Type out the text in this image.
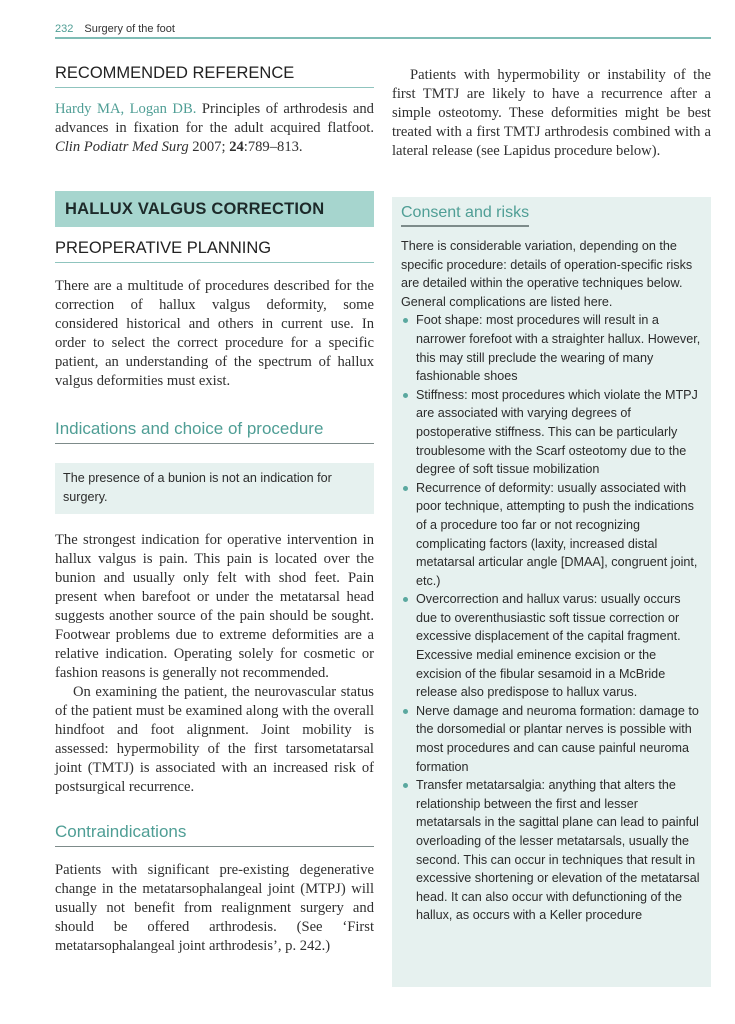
232 Surgery of the foot
RECOMMENDED REFERENCE

Hardy MA, Logan DB. Principles of arthrodesis and advances in fixation for the adult acquired flatfoot. Clin Podiatr Med Surg 2007; 24:789–813.

HALLUX VALGUS CORRECTION
PREOPERATIVE PLANNING

There are a multitude of procedures described for the correction of hallux valgus deformity, some considered historical and others in current use. In order to select the correct procedure for a specific patient, an understanding of the spectrum of hallux valgus deformities must exist.

Indications and choice of procedure
The presence of a bunion is not an indication for surgery.

The strongest indication for operative intervention in hallux valgus is pain. This pain is located over the bunion and usually only felt with shod feet. Pain present when barefoot or under the metatarsal head suggests another source of the pain should be sought. Footwear problems due to extreme deformities are a relative indication. Operating solely for cosmetic or fashion reasons is generally not recommended.

On examining the patient, the neurovascular status of the patient must be examined along with the overall hindfoot and foot alignment. Joint mobility is assessed: hypermobility of the first tarsometatarsal joint (TMTJ) is associated with an increased risk of postsurgical recurrence.

Contraindications

Patients with significant pre-existing degenerative change in the metatarsophalangeal joint (MTPJ) will usually not benefit from realignment surgery and should be offered arthrodesis. (See ‘First metatarsophalangeal joint arthrodesis’, p. 242.)

Patients with hypermobility or instability of the first TMTJ are likely to have a recurrence after a simple osteotomy. These deformities might be best treated with a first TMTJ arthrodesis combined with a lateral release (see Lapidus procedure below).

Consent and risks

There is considerable variation, depending on the specific procedure: details of operation-specific risks are detailed within the operative techniques below. General complications are listed here.

Foot shape: most procedures will result in a narrower forefoot with a straighter hallux. However, this may still preclude the wearing of many fashionable shoes
Stiffness: most procedures which violate the MTPJ are associated with varying degrees of postoperative stiffness. This can be particularly troublesome with the Scarf osteotomy due to the degree of soft tissue mobilization
Recurrence of deformity: usually associated with poor technique, attempting to push the indications of a procedure too far or not recognizing complicating factors (laxity, increased distal metatarsal articular angle [DMAA], congruent joint, etc.)
Overcorrection and hallux varus: usually occurs due to overenthusiastic soft tissue correction or excessive displacement of the capital fragment. Excessive medial eminence excision or the excision of the fibular sesamoid in a McBride release also predispose to hallux varus.
Nerve damage and neuroma formation: damage to the dorsomedial or plantar nerves is possible with most procedures and can cause painful neuroma formation
Transfer metatarsalgia: anything that alters the relationship between the first and lesser metatarsals in the sagittal plane can lead to painful overloading of the lesser metatarsals, usually the second. This can occur in techniques that result in excessive shortening or elevation of the metatarsal head. It can also occur with defunctioning of the hallux, as occurs with a Keller procedure
